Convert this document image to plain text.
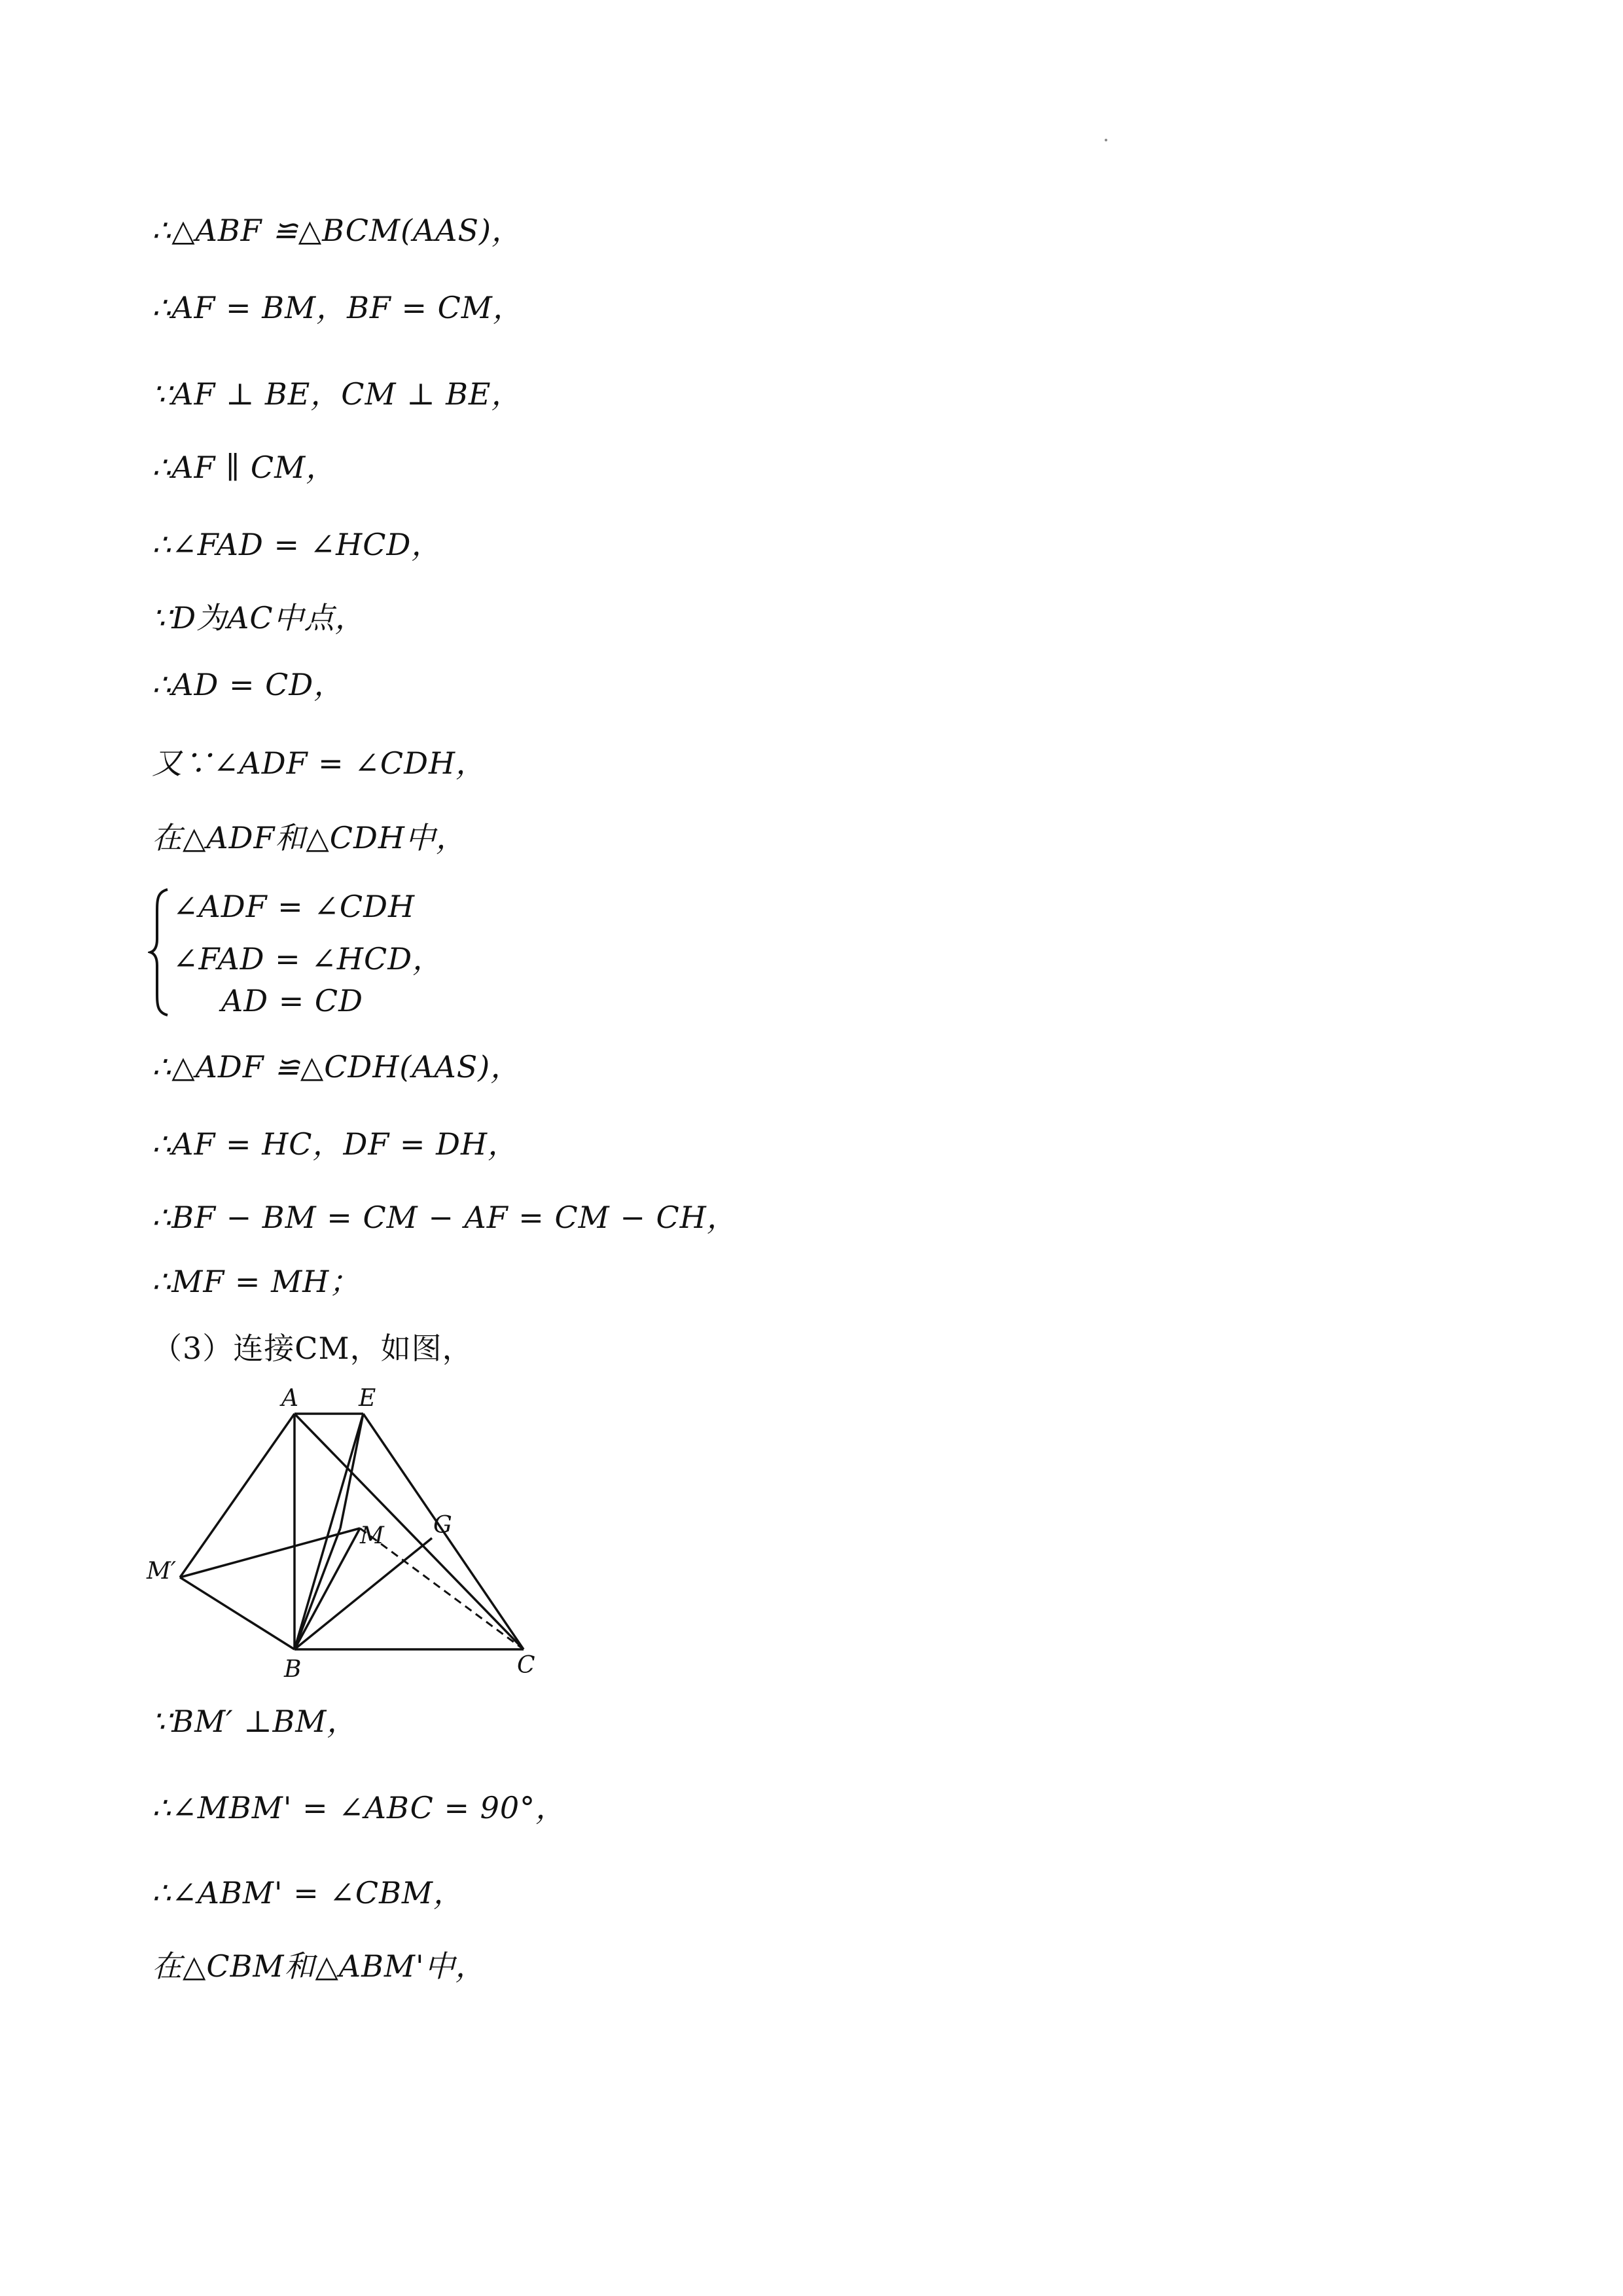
∴△ABF ≌△BCM(AAS)，
∴AF = BM，BF = CM，
∵AF ⊥ BE，CM ⊥ BE，
∴AF ∥ CM，
∴∠FAD = ∠HCD，
∵D为AC中点，
∴AD = CD，
又∵∠ADF = ∠CDH，
在△ADF和△CDH中，
∠ADF = ∠CDH
∠FAD = ∠HCD，
AD = CD
∴△ADF ≌△CDH(AAS)，
∴AF = HC，DF = DH，
∴BF − BM = CM − AF = CM − CH，
∴MF = MH；
（3）连接CM，如图，
A	E
G
M
M′
B	C
∵BM′ ⊥BM，
∴∠MBM' = ∠ABC = 90°，
∴∠ABM' = ∠CBM，
在△CBM和△ABM'中，
